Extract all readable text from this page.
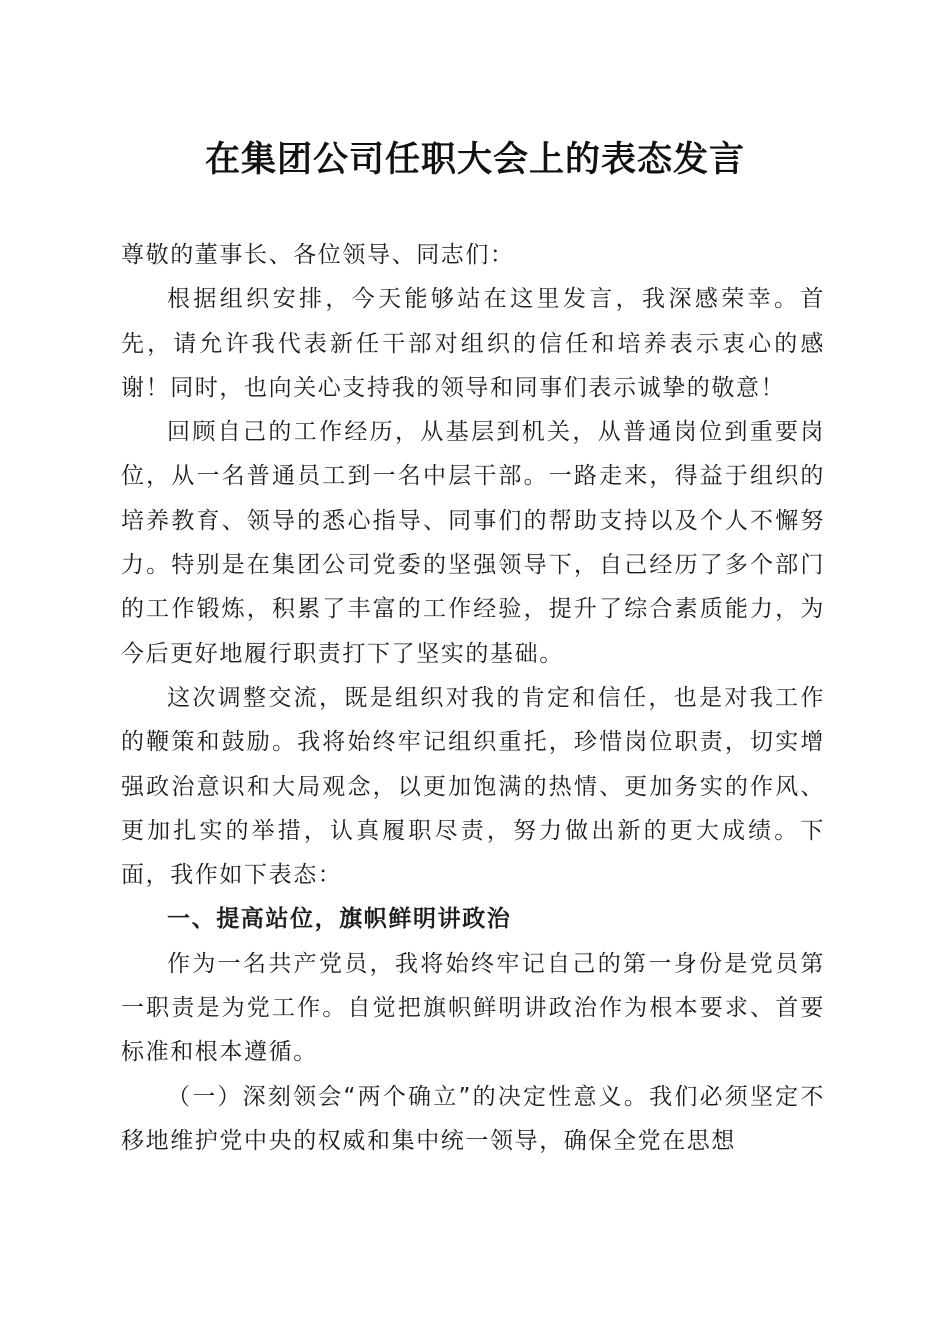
在集团公司任职大会上的表态发言

尊敬的董事长、各位领导、同志们：

根据组织安排，今天能够站在这里发言，我深感荣幸。首先，请允许我代表新任干部对组织的信任和培养表示衷心的感谢！同时，也向关心支持我的领导和同事们表示诚挚的敬意！

回顾自己的工作经历，从基层到机关，从普通岗位到重要岗位，从一名普通员工到一名中层干部。一路走来，得益于组织的培养教育、领导的悉心指导、同事们的帮助支持以及个人不懈努力。特别是在集团公司党委的坚强领导下，自己经历了多个部门的工作锻炼，积累了丰富的工作经验，提升了综合素质能力，为今后更好地履行职责打下了坚实的基础。

这次调整交流，既是组织对我的肯定和信任，也是对我工作的鞭策和鼓励。我将始终牢记组织重托，珍惜岗位职责，切实增强政治意识和大局观念，以更加饱满的热情、更加务实的作风、更加扎实的举措，认真履职尽责，努力做出新的更大成绩。下面，我作如下表态：

一、提高站位，旗帜鲜明讲政治

作为一名共产党员，我将始终牢记自己的第一身份是党员第一职责是为党工作。自觉把旗帜鲜明讲政治作为根本要求、首要标准和根本遵循。

（一）深刻领会“两个确立”的决定性意义。我们必须坚定不移地维护党中央的权威和集中统一领导，确保全党在思想
